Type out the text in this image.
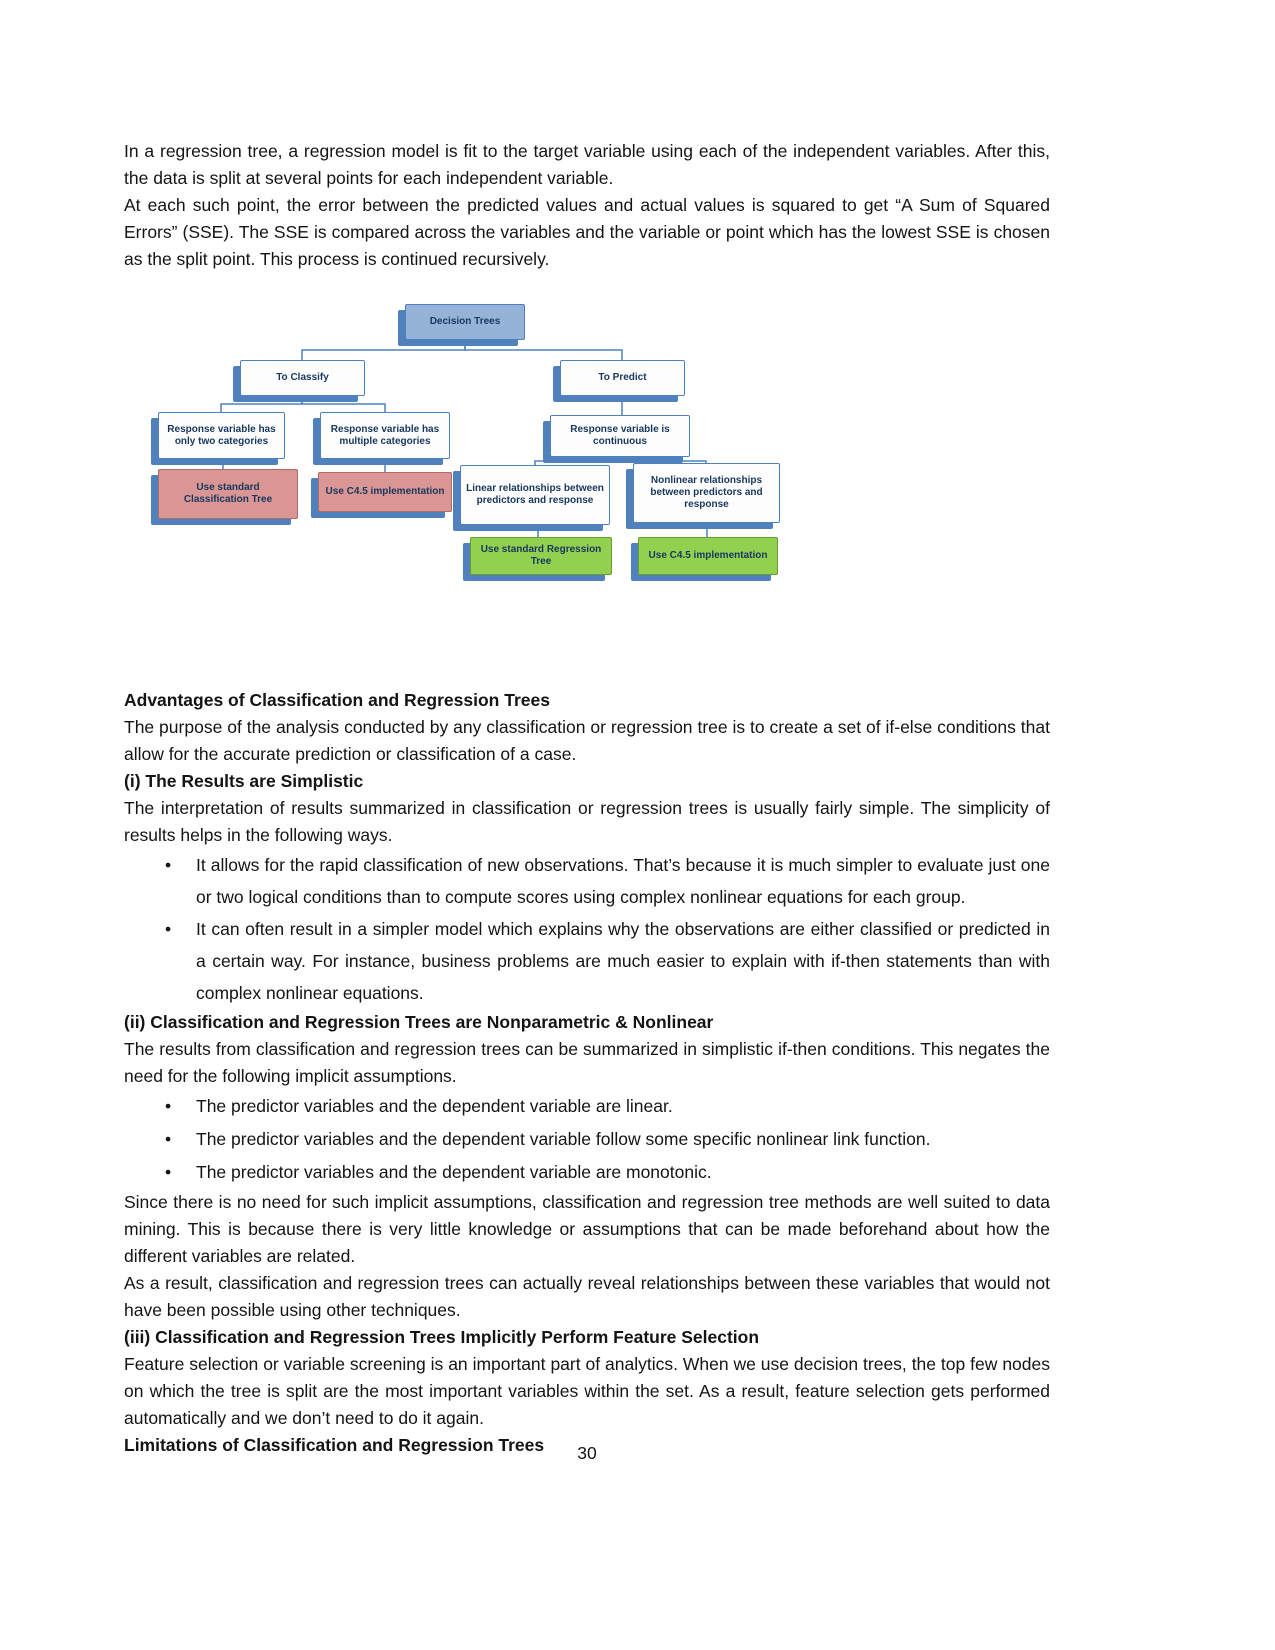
In a regression tree, a regression model is fit to the target variable using each of the independent variables. After this, the data is split at several points for each independent variable.

At each such point, the error between the predicted values and actual values is squared to get “A Sum of Squared Errors” (SSE). The SSE is compared across the variables and the variable or point which has the lowest SSE is chosen as the split point. This process is continued recursively.

Decision Trees
To Classify	To Predict
Response variable has only two categories
Response variable has multiple categories
Response variable is continuous
Use standard Classification Tree
Use C4.5 implementation	Linear relationships between predictors and response
Nonlinear relationships between predictors and response
Use standard Regression Tree
Use C4.5 implementation
Advantages of Classification and Regression Trees

The purpose of the analysis conducted by any classification or regression tree is to create a set of if-else conditions that allow for the accurate prediction or classification of a case.

(i) The Results are Simplistic

The interpretation of results summarized in classification or regression trees is usually fairly simple. The simplicity of results helps in the following ways.

•	It allows for the rapid classification of new observations. That’s because it is much simpler to evaluate just one or two logical conditions than to compute scores using complex nonlinear equations for each group.
•	It can often result in a simpler model which explains why the observations are either classified or predicted in a certain way. For instance, business problems are much easier to explain with if-then statements than with complex nonlinear equations.
(ii) Classification and Regression Trees are Nonparametric & Nonlinear

The results from classification and regression trees can be summarized in simplistic if-then conditions. This negates the need for the following implicit assumptions.

•	The predictor variables and the dependent variable are linear.
•	The predictor variables and the dependent variable follow some specific nonlinear link function.
•	The predictor variables and the dependent variable are monotonic.

Since there is no need for such implicit assumptions, classification and regression tree methods are well suited to data mining. This is because there is very little knowledge or assumptions that can be made beforehand about how the different variables are related.

As a result, classification and regression trees can actually reveal relationships between these variables that would not have been possible using other techniques.

(iii) Classification and Regression Trees Implicitly Perform Feature Selection

Feature selection or variable screening is an important part of analytics. When we use decision trees, the top few nodes on which the tree is split are the most important variables within the set. As a result, feature selection gets performed automatically and we don’t need to do it again.

Limitations of Classification and Regression Trees	30
